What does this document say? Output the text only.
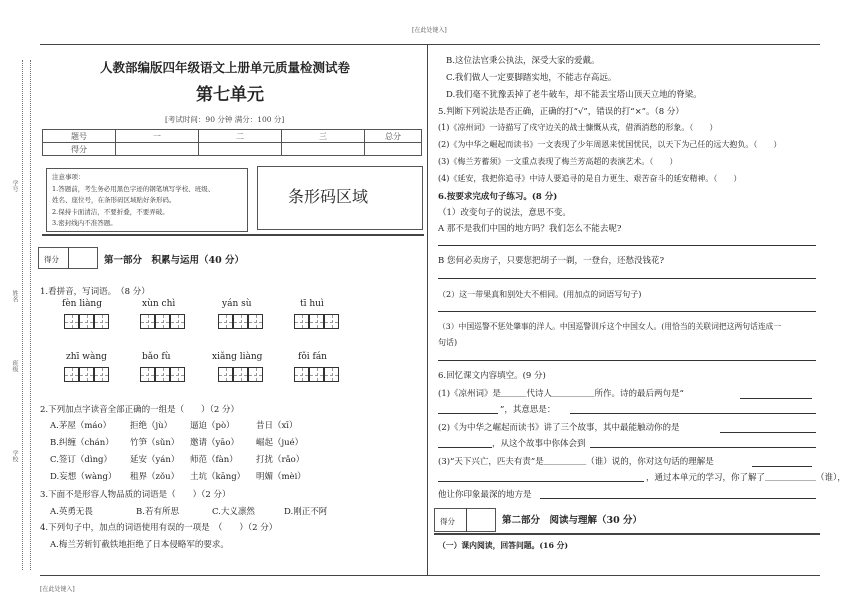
[在此处键入]
[在此处键入]
学号
姓名
班级
学校
人教部编版四年级语文上册单元质量检测试卷
第七单元
[考试时间：90 分钟 满分：100 分]
题号	一	二	三	总分
得分				
注意事项：
1.答题前，考生务必用黑色字迹的钢笔填写学校、班级、
姓名、座位号，在条形码区域贴好条形码。
2.保持卡面清洁，不要折叠，不要弄破。
3.密封线内不准答题。
条形码区域
得分	第一部分　积累与运用（40 分）
1.看拼音，写词语。　（8 分）
fèn liàng	xùn chì	yán sù	tī huì
zhī wàng	bǎo fù	xiǎng liàng	fǒi fán
2.下列加点字读音全部正确的一组是（　　）（2 分）
A.茅屋（máo） 拒绝（jù） 逼迫（pò）	昔日（xī）
B.纠缠（chán） 竹笋（sǔn） 邀请（yāo） 崛起（jué）
C.签订（dìng） 延安（yán） 师范（fàn） 打扰（rǎo）
D.妄想（wàng） 租界（zǒu） 土坑（kāng） 明媚（mèi）
3.下面不是形容人物品质的词语是（　　）（2 分）
A.英勇无畏	B.若有所思	C.大义凛然	D.刚正不阿
4.下列句子中，加点的词语使用有误的一项是　（　　）（2 分）
A.梅兰芳斩钉截铁地拒绝了日本侵略军的要求。
B.这位法官秉公执法，深受大家的爱戴。
C.我们做人一定要脚踏实地，不能志存高远。
D.我们毫不犹豫丢掉了老牛破车，却不能丢宝塔山顶天立地的脊梁。
5.判断下列说法是否正确，正确的打“√”，错误的打“×”。（8 分）
(1)《凉州词》一诗描写了戍守边关的战士慷慨从戎，借酒消愁的形象。（　　）
(2)《为中华之崛起而读书》一文表现了少年周恩来忧国忧民，以天下为己任的远大抱负。（　　）
(3)《梅兰芳蓄须》一文重点表现了梅兰芳高超的表演艺术。（　　）
(4)《延安，我把你追寻》中诗人要追寻的是自力更生、艰苦奋斗的延安精神。（　　）
6.按要求完成句子练习。(8 分)
（1）改变句子的说法，意思不变。
A 那不是我们中国的地方吗？我们怎么不能去呢?
B 您何必卖房子，只要您把胡子一剃，一登台，还愁没钱花?
（2）这一带果真和别处大不相同。(用加点的词语写句子)
（3）中国巡警不惩处肇事的洋人。中国巡警训斥这个中国女人。(用恰当的关联词把这两句话连成一
句话)
6.回忆课文内容填空。(9 分)
(1)《凉州词》是＿＿＿代诗人＿＿＿＿＿所作。诗的最后两句是“
”，其意思是：
(2)《为中华之崛起而读书》讲了三个故事，其中最能触动你的是
，从这个故事中你体会到
(3)“天下兴亡，匹夫有责”是＿＿＿＿＿（谁）说的，你对这句话的理解是
，通过本单元的学习，你了解了＿＿＿＿＿＿（谁），
他让你印象最深的地方是
得分	第二部分　阅读与理解（30 分）
（一）课内阅读，回答问题。(16 分)
